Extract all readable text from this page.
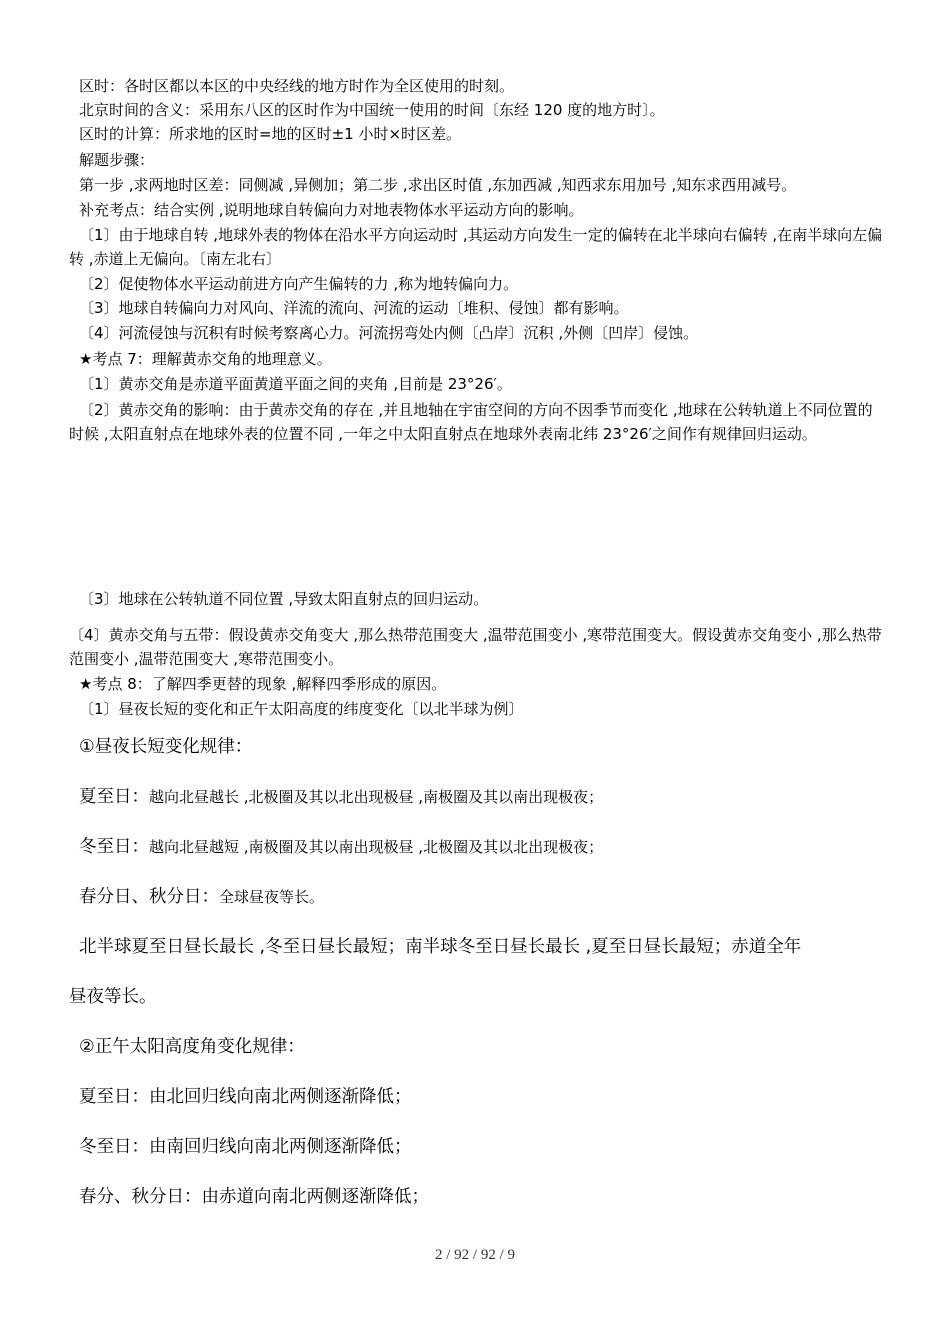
区时：各时区都以本区的中央经线的地方时作为全区使用的时刻。

北京时间的含义：采用东八区的区时作为中国统一使用的时间〔东经 120 度的地方时〕。

区时的计算：所求地的区时=地的区时±1 小时×时区差。

解题步骤：

第一步 ,求两地时区差：同侧减 ,异侧加；第二步 ,求出区时值 ,东加西减 ,知西求东用加号 ,知东求西用减号。

补充考点：结合实例 ,说明地球自转偏向力对地表物体水平运动方向的影响。

〔1〕由于地球自转 ,地球外表的物体在沿水平方向运动时 ,其运动方向发生一定的偏转在北半球向右偏转 ,在南半球向左偏转 ,赤道上无偏向。〔南左北右〕

〔2〕促使物体水平运动前进方向产生偏转的力 ,称为地转偏向力。

〔3〕地球自转偏向力对风向、洋流的流向、河流的运动〔堆积、侵蚀〕都有影响。

〔4〕河流侵蚀与沉积有时候考察离心力。河流拐弯处内侧〔凸岸〕沉积 ,外侧〔凹岸〕侵蚀。

★考点 7：理解黄赤交角的地理意义。

〔1〕黄赤交角是赤道平面黄道平面之间的夹角 ,目前是 23°26′。

〔2〕黄赤交角的影响：由于黄赤交角的存在 ,并且地轴在宇宙空间的方向不因季节而变化 ,地球在公转轨道上不同位置的时候 ,太阳直射点在地球外表的位置不同 ,一年之中太阳直射点在地球外表南北纬 23°26′之间作有规律回归运动。

〔3〕地球在公转轨道不同位置 ,导致太阳直射点的回归运动。

〔4〕黄赤交角与五带：假设黄赤交角变大 ,那么热带范围变大 ,温带范围变小 ,寒带范围变大。假设黄赤交角变小 ,那么热带范围变小 ,温带范围变大 ,寒带范围变小。

★考点 8：了解四季更替的现象 ,解释四季形成的原因。

〔1〕昼夜长短的变化和正午太阳高度的纬度变化〔以北半球为例〕

①昼夜长短变化规律：

夏至日：越向北昼越长 ,北极圈及其以北出现极昼 ,南极圈及其以南出现极夜；

冬至日：越向北昼越短 ,南极圈及其以南出现极昼 ,北极圈及其以北出现极夜；

春分日、秋分日：全球昼夜等长。

北半球夏至日昼长最长 ,冬至日昼长最短；南半球冬至日昼长最长 ,夏至日昼长最短；赤道全年

昼夜等长。

②正午太阳高度角变化规律：

夏至日：由北回归线向南北两侧逐渐降低；

冬至日：由南回归线向南北两侧逐渐降低；

春分、秋分日：由赤道向南北两侧逐渐降低；

2 / 92 / 92 / 9
